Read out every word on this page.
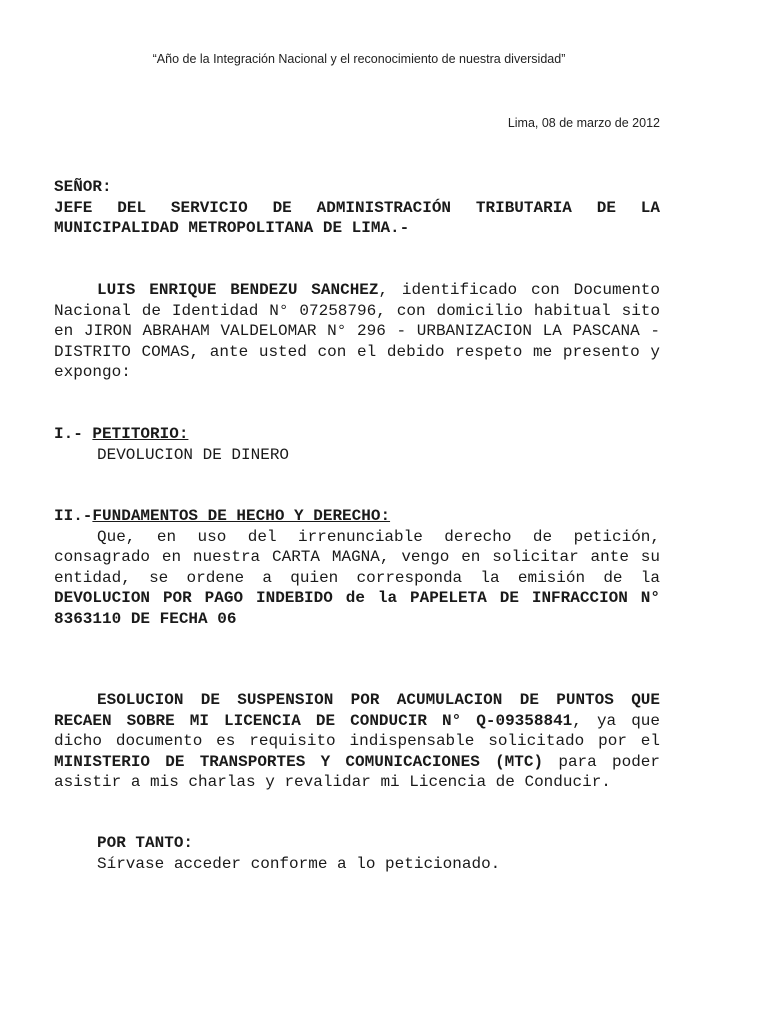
“Año de la Integración Nacional y el reconocimiento de nuestra diversidad”
Lima, 08 de marzo de 2012

SEÑOR:

JEFE DEL SERVICIO DE ADMINISTRACIÓN TRIBUTARIA DE LA MUNICIPALIDAD METROPOLITANA DE LIMA.-

LUIS ENRIQUE BENDEZU SANCHEZ, identificado con Documento Nacional de Identidad N° 07258796, con domicilio habitual sito en JIRON ABRAHAM VALDELOMAR N° 296 - URBANIZACION LA PASCANA - DISTRITO COMAS, ante usted con el debido respeto me presento y expongo:

I.- PETITORIO:

DEVOLUCION DE DINERO

II.-FUNDAMENTOS DE HECHO Y DERECHO:

Que, en uso del irrenunciable derecho de petición, consagrado en nuestra CARTA MAGNA, vengo en solicitar ante su entidad, se ordene a quien corresponda la emisión de la DEVOLUCION POR PAGO INDEBIDO de la PAPELETA DE INFRACCION N° 8363110 DE FECHA 06

ESOLUCION DE SUSPENSION POR ACUMULACION DE PUNTOS QUE RECAEN SOBRE MI LICENCIA DE CONDUCIR N° Q-09358841, ya que dicho documento es requisito indispensable solicitado por el MINISTERIO DE TRANSPORTES Y COMUNICACIONES (MTC) para poder asistir a mis charlas y revalidar mi Licencia de Conducir.

POR TANTO:

Sírvase acceder conforme a lo peticionado.
